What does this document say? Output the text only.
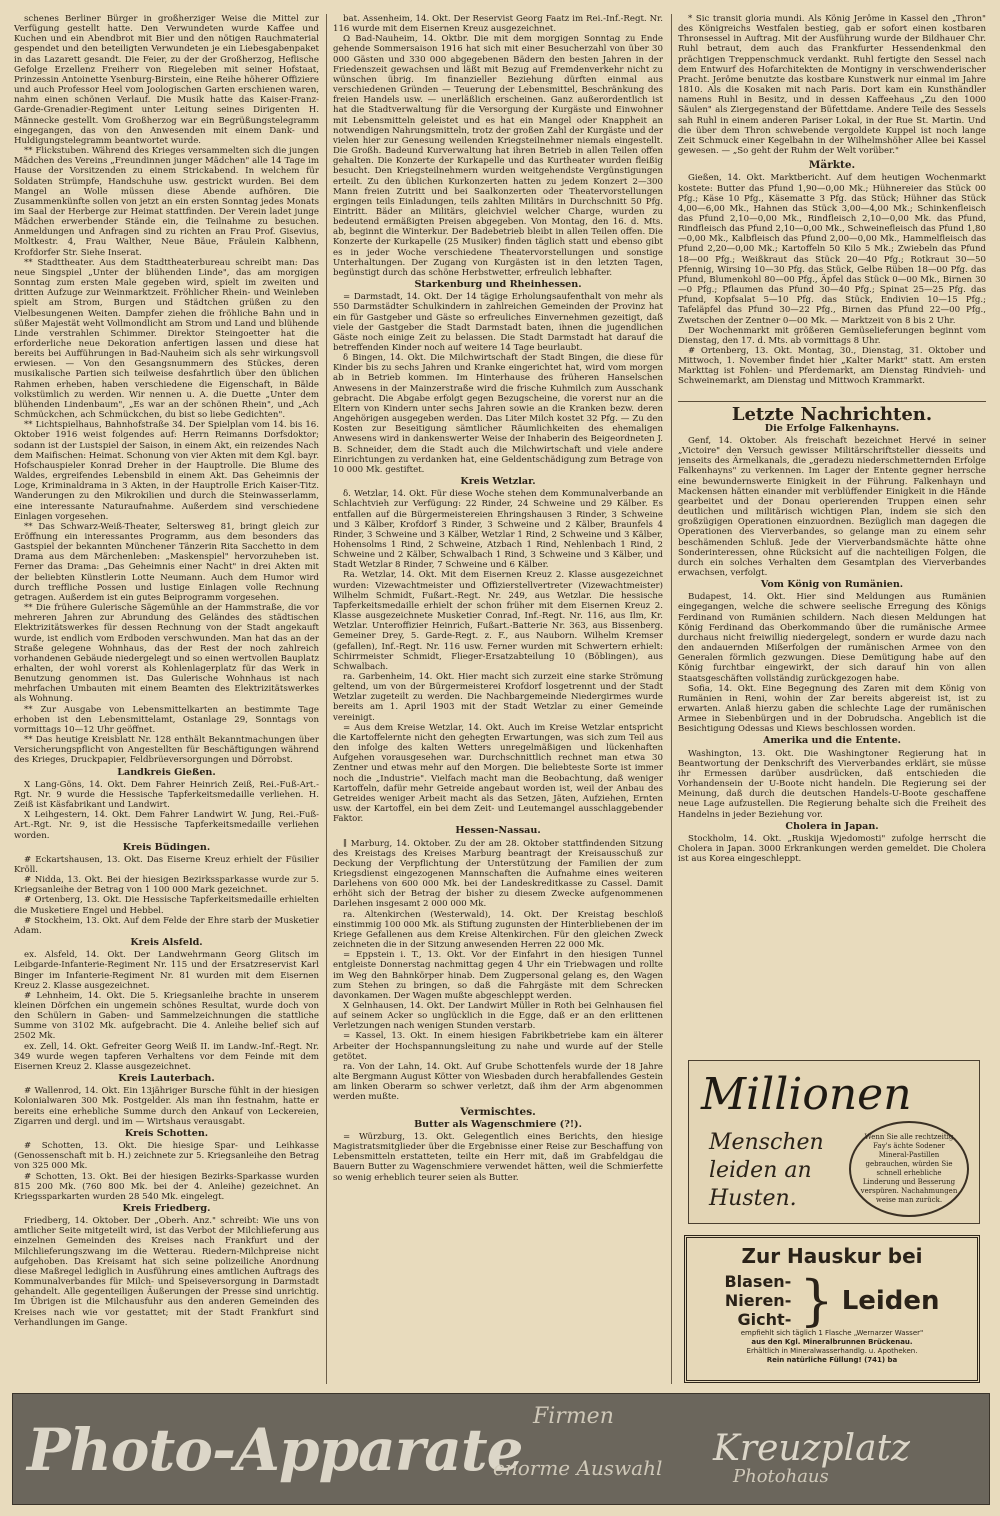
schenes Berliner Bürger in großherziger Weise die Mittel zur Verfügung gestellt hatte. Den Verwundeten wurde Kaffee und Kuchen und ein Abendbrot mit Bier und den nötigen Rauchmaterial gespendet und den beteiligten Verwundeten je ein Liebesgabenpaket in das Lazarett gesandt. Die Feier, zu der der Großherzog, Heflische Gefolge Erzellenz Freiherr von Riegeleben mit seiner Hofstaat, Prinzessin Antoinette Ysenburg-Birstein, eine Reihe höherer Offiziere und auch Professor Heel vom Joologischen Garten erschienen waren, nahm einen schönen Verlauf. Die Musik hatte das Kaiser-Franz-Garde-Grenadier-Regiment unter Leitung seines Dirigenten H. Männecke gestellt. Vom Großherzog war ein Begrüßungstelegramm eingegangen, das von den Anwesenden mit einem Dank- und Huldigungstelegramm beantwortet wurde.

** Flickstuben. Während des Krieges versammelten sich die jungen Mädchen des Vereins „Freundinnen junger Mädchen" alle 14 Tage im Hause der Vorsitzenden zu einem Strickabend. In welchem für Soldaten Strümpfe, Handschuhe usw. gestrickt wurden. Bei dem Mangel an Wolle müssen diese Abende aufhören. Die Zusammenkünfte sollen von jetzt an ein ersten Sonntag jedes Monats im Saal der Herberge zur Heimat stattfinden. Der Verein ladet junge Mädchen erwerbender Stände ein, die Teilnahme zu besuchen. Anmeldungen und Anfragen sind zu richten an Frau Prof. Gisevius, Moltkestr. 4, Frau Walther, Neue Bäue, Fräulein Kalbhenn, Krofdorfer Str. Siehe Inserat.

** Stadttheater. Aus dem Stadttheaterbureau schreibt man: Das neue Singspiel „Unter der blühenden Linde", das am morgigen Sonntag zum ersten Male gegeben wird, spielt im zweiten und dritten Aufzuge zur Weinmarktzeit. Fröhlicher Rhein- und Weinleben spielt am Strom, Burgen und Städtchen grüßen zu den Vielbesungenen Weiten. Dampfer ziehen die fröhliche Bahn und in süßer Majestät weht Vollmondlicht am Strom und Land und blühende Linde verstrahlen Schimmer. Direktor Steingoetter hat die erforderliche neue Dekoration anfertigen lassen und diese hat bereits bei Aufführungen in Bad-Nauheim sich als sehr wirkungsvoll erwiesen. — Von den Gesangsnummern des Stückes, deren musikalische Partien sich teilweise desfahrtlich über den üblichen Rahmen erheben, haben verschiedene die Eigenschaft, in Bälde volkstümlich zu werden. Wir nennen u. A. die Duette „Unter dem blühenden Lindenbaum", „Es war an der schönen Rhein", und „Ach Schmückchen, ach Schmückchen, du bist so liebe Gedichten".

** Lichtspielhaus, Bahnhofstraße 34. Der Spielplan vom 14. bis 16. Oktober 1916 weist folgendes auf: Herrn Reimanns Dorfsdoktor; sodann ist der Lustspiel der Saison, in einem Akt, ein reizendes Nach dem Maifischen: Heimat. Schonung von vier Akten mit dem Kgl. bayr. Hofschauspieler Konrad Dreher in der Hauptrolle. Die Blume des Waldes, ergreifendes Lebensbild in einem Akt. Das Geheimnis der Loge, Kriminaldrama in 3 Akten, in der Hauptrolle Erich Kaiser-Titz. Wanderungen zu den Mikrokilien und durch die Steinwasserlamm, eine interessante Naturaufnahme. Außerdem sind verschiedene Einlagen vorgesehen.

** Das Schwarz-Weiß-Theater, Seltersweg 81, bringt gleich zur Eröffnung ein interessantes Programm, aus dem besonders das Gastspiel der bekannten Münchener Tänzerin Rita Sacchetto in dem Drama aus dem Märchenleben: „Maskenspiel" hervorzuheben ist. Ferner das Drama: „Das Geheimnis einer Nacht" in drei Akten mit der beliebten Künstlerin Lotte Neumann. Auch dem Humor wird durch treffliche Possen und lustige Einlagen volle Rechnung getragen. Außerdem ist ein gutes Beiprogramm vorgesehen.

** Die frühere Gulerische Sägemühle an der Hammstraße, die vor mehreren Jahren zur Abrundung des Geländes des städtischen Elektrizitätswerkes für dessen Rechnung von der Stadt angekauft wurde, ist endlich vom Erdboden verschwunden. Man hat das an der Straße gelegene Wohnhaus, das der Rest der noch zahlreich vorhandenen Gebäude niedergelegt und so einen wertvollen Bauplatz erhalten, der wohl vorerst als Kohlenlagerplatz für das Werk in Benutzung genommen ist. Das Gulerische Wohnhaus ist nach mehrfachen Umbauten mit einem Beamten des Elektrizitätswerkes als Wohnung.

** Zur Ausgabe von Lebensmittelkarten an bestimmte Tage erhoben ist den Lebensmittelamt, Ostanlage 29, Sonntags von vormittags 10—12 Uhr geöffnet.

** Das heutige Kreisblatt Nr. 128 enthält Bekanntmachungen über Versicherungspflicht von Angestellten für Beschäftigungen während des Krieges, Druckpapier, Feldbrüeversorgungen und Dörrobst.

Landkreis Gießen.

X Lang-Göns, 14. Okt. Dem Fahrer Heinrich Zeiß, Rei.-Fuß-Art.-Rgt. Nr. 9 wurde die Hessische Tapferkeitsmedaille verliehen. H. Zeiß ist Käsfabrikant und Landwirt.

X Leihgestern, 14. Okt. Dem Fahrer Landwirt W. Jung, Rei.-Fuß-Art.-Rgt. Nr. 9, ist die Hessische Tapferkeitsmedaille verliehen worden.

Kreis Büdingen.

# Eckartshausen, 13. Okt. Das Eiserne Kreuz erhielt der Füsilier Kröll.

# Nidda, 13. Okt. Bei der hiesigen Bezirkssparkasse wurde zur 5. Kriegsanleihe der Betrag von 1 100 000 Mark gezeichnet.

# Ortenberg, 13. Okt. Die Hessische Tapferkeitsmedaille erhielten die Musketiere Engel und Hebbel.

# Stockheim, 13. Okt. Auf dem Felde der Ehre starb der Musketier Adam.

Kreis Alsfeld.

ex. Alsfeld, 14. Okt. Der Landwehrmann Georg Glitsch im Leibgarde-Infanterie-Regiment Nr. 115 und der Ersatzreservist Karl Binger im Infanterie-Regiment Nr. 81 wurden mit dem Eisernen Kreuz 2. Klasse ausgezeichnet.

# Lehnheim, 14. Okt. Die 5. Kriegsanleihe brachte in unserem kleinen Dörfchen ein ungemein schönes Resultat, wurde doch von den Schülern in Gaben- und Sammelzeichnungen die stattliche Summe von 3102 Mk. aufgebracht. Die 4. Anleihe belief sich auf 2502 Mk.

ex. Zell, 14. Okt. Gefreiter Georg Weiß II. im Landw.-Inf.-Regt. Nr. 349 wurde wegen tapferen Verhaltens vor dem Feinde mit dem Eisernen Kreuz 2. Klasse ausgezeichnet.

Kreis Lauterbach.

# Wallenrod, 14. Okt. Ein 13jähriger Bursche fühlt in der hiesigen Kolonialwaren 300 Mk. Postgelder. Als man ihn festnahm, hatte er bereits eine erhebliche Summe durch den Ankauf von Leckereien, Zigarren und dergl. und im — Wirtshaus verausgabt.

Kreis Schotten.

# Schotten, 13. Okt. Die hiesige Spar- und Leihkasse (Genossenschaft mit b. H.) zeichnete zur 5. Kriegsanleihe den Betrag von 325 000 Mk.

# Schotten, 13. Okt. Bei der hiesigen Bezirks-Sparkasse wurden 815 200 Mk. (760 800 Mk. bei der 4. Anleihe) gezeichnet. An Kriegssparkarten wurden 28 540 Mk. eingelegt.

Kreis Friedberg.

Friedberg, 14. Oktober. Der „Oberh. Anz." schreibt: Wie uns von amtlicher Seite mitgeteilt wird, ist das Verbot der Milchlieferung aus einzelnen Gemeinden des Kreises nach Frankfurt und der Milchlieferungszwang im die Wetterau. Riedern-Milchpreise nicht aufgehoben. Das Kreisamt hat sich seine polizeiliche Anordnung diese Maßregel lediglich in Ausführung eines amtlichen Auftrags des Kommunalverbandes für Milch- und Speiseversorgung in Darmstadt gehandelt. Alle gegenteiligen Äußerungen der Presse sind unrichtig. Im Übrigen ist die Milchausfuhr aus den anderen Gemeinden des Kreises nach wie vor gestattet; mit der Stadt Frankfurt sind Verhandlungen im Gange.

bat. Assenheim, 14. Okt. Der Reservist Georg Faatz im Rei.-Inf.-Regt. Nr. 116 wurde mit dem Eisernen Kreuz ausgezeichnet.

Ω Bad-Nauheim, 14. Oktbr. Die mit dem morgigen Sonntag zu Ende gehende Sommersaison 1916 hat sich mit einer Besucherzahl von über 30 000 Gästen und 330 000 abgegebenen Bädern den besten Jahren in der Friedenszeit gewachsen und läßt mit Bezug auf Fremdenverkehr nicht zu wünschen übrig. Im finanzieller Beziehung dürften einmal aus verschiedenen Gründen — Teuerung der Lebensmittel, Beschränkung des freien Handels usw. — unerläßlich erscheinen. Ganz außerordentlich ist hat die Stadtverwaltung für die Versorgung der Kurgäste und Einwohner mit Lebensmitteln geleistet und es hat ein Mangel oder Knappheit an notwendigen Nahrungsmitteln, trotz der großen Zahl der Kurgäste und der vielen hier zur Genesung weilenden Kriegsteilnehmer niemals eingestellt. Die Großh. Badeund Kurverwaltung hat ihren Betrieb in allen Teilen offen gehalten. Die Konzerte der Kurkapelle und das Kurtheater wurden fleißig besucht. Den Kriegsteilnehmern wurden weitgehendste Vergünstigungen erteilt. Zu den üblichen Kurkonzerten hatten zu jedem Konzert 2—300 Mann freien Zutritt und bei Saalkonzerten oder Theatervorstellungen ergingen teils Einladungen, teils zahlten Militärs in Durchschnitt 50 Pfg. Eintritt. Bäder an Militärs, gleichviel welcher Charge, wurden zu bedeutend ermäßigten Preisen abgegeben. Von Montag, den 16. d. Mts. ab, beginnt die Winterkur. Der Badebetrieb bleibt in allen Teilen offen. Die Konzerte der Kurkapelle (25 Musiker) finden täglich statt und ebenso gibt es in jeder Woche verschiedene Theatervorstellungen und sonstige Unterhaltungen. Der Zugang von Kurgästen ist in den letzten Tagen, begünstigt durch das schöne Herbstwetter, erfreulich lebhafter.

Starkenburg und Rheinhessen.

= Darmstadt, 14. Okt. Der 14 tägige Erholungsaufenthalt von mehr als 550 Darmstädter Schulkindern in zahlreichen Gemeinden der Provinz hat ein für Gastgeber und Gäste so erfreuliches Einvernehmen gezeitigt, daß viele der Gastgeber die Stadt Darmstadt baten, ihnen die jugendlichen Gäste noch einige Zeit zu belassen. Die Stadt Darmstadt hat darauf die betreffenden Kinder noch auf weitere 14 Tage beurlaubt.

δ Bingen, 14. Okt. Die Milchwirtschaft der Stadt Bingen, die diese für Kinder bis zu sechs Jahren und Kranke eingerichtet hat, wird vom morgen ab in Betrieb kommen. Im Hinterhause des früheren Hanselschen Anwesens in der Mainzerstraße wird die frische Kuhmilch zum Ausschank gebracht. Die Abgabe erfolgt gegen Bezugscheine, die vorerst nur an die Eltern von Kindern unter sechs Jahren sowie an die Kranken bezw. deren Angehörigen ausgegeben werden. Das Liter Milch kostet 32 Pfg. — Zu den Kosten zur Beseitigung sämtlicher Räumlichkeiten des ehemaligen Anwesens wird in dankenswerter Weise der Inhaberin des Beigeordneten J. B. Schneider, dem die Stadt auch die Milchwirtschaft und viele andere Einrichtungen zu verdanken hat, eine Geldentschädigung zum Betrage von 10 000 Mk. gestiftet.

Kreis Wetzlar.

δ. Wetzlar, 14. Okt. Für diese Woche stehen dem Kommunalverbande an Schlachtvieh zur Verfügung: 22 Rinder, 24 Schweine und 29 Kälber. Es entfallen auf die Bürgermeistereien Ehringshausen 3 Rinder, 3 Schweine und 3 Kälber, Krofdorf 3 Rinder, 3 Schweine und 2 Kälber, Braunfels 4 Rinder, 3 Schweine und 3 Kälber, Wetzlar 1 Rind, 2 Schweine und 3 Kälber, Hohensolms 1 Rind, 2 Schweine, Atzbach 1 Rind, Nehlenbach 1 Rind, 2 Schweine und 2 Kälber, Schwalbach 1 Rind, 3 Schweine und 3 Kälber, und Stadt Wetzlar 8 Rinder, 7 Schweine und 6 Kälber.

Ra. Wetzlar, 14. Okt. Mit dem Eisernen Kreuz 2. Klasse ausgezeichnet wurden: Vizewachtmeister und Offizierstellvertreter (Vizewachtmeister) Wilhelm Schmidt, Fußart.-Regt. Nr. 249, aus Wetzlar. Die hessische Tapferkeitsmedaille erhielt der schon früher mit dem Eisernen Kreuz 2. Klasse ausgezeichnete Musketier Conrad, Inf.-Regt. Nr. 116, aus Ilm, Kr. Wetzlar. Unteroffizier Heinrich, Fußart.-Batterie Nr. 363, aus Bissenberg. Gemeiner Drey, 5. Garde-Regt. z. F., aus Nauborn. Wilhelm Kremser (gefallen), Inf.-Regt. Nr. 116 usw. Ferner wurden mit Schwertern erhielt: Schirrmeister Schmidt, Flieger-Ersatzabteilung 10 (Böblingen), aus Schwalbach.

ra. Garbenheim, 14. Okt. Hier macht sich zurzeit eine starke Strömung geltend, um von der Bürgermeisterei Krofdorf losgetrennt und der Stadt Wetzlar zugeteilt zu werden. Die Nachbargemeinde Niedergirmes wurde bereits am 1. April 1903 mit der Stadt Wetzlar zu einer Gemeinde vereinigt.

= Aus dem Kreise Wetzlar, 14. Okt. Auch im Kreise Wetzlar entspricht die Kartoffelernte nicht den gehegten Erwartungen, was sich zum Teil aus den infolge des kalten Wetters unregelmäßigen und lückenhaften Aufgehen vorausgesehen war. Durchschnittlich rechnet man etwa 30 Zentner und etwas mehr auf den Morgen. Die beliebteste Sorte ist immer noch die „Industrie". Vielfach macht man die Beobachtung, daß weniger Kartoffeln, dafür mehr Getreide angebaut worden ist, weil der Anbau des Getreides weniger Arbeit macht als das Setzen, Jäten, Aufziehen, Ernten usw. der Kartoffel, ein bei dem Zeit- und Leutemangel ausschlaggebender Faktor.

Hessen-Nassau.

∥ Marburg, 14. Oktober. Zu der am 28. Oktober stattfindenden Sitzung des Kreistags des Kreises Marburg beantragt der Kreisausschuß zur Deckung der Verpflichtung der Unterstützung der Familien der zum Kriegsdienst eingezogenen Mannschaften die Aufnahme eines weiteren Darlehens von 600 000 Mk. bei der Landeskreditkasse zu Cassel. Damit erhöht sich der Betrag der bisher zu diesem Zwecke aufgenommenen Darlehen insgesamt 2 000 000 Mk.

ra. Altenkirchen (Westerwald), 14. Okt. Der Kreistag beschloß einstimmig 100 000 Mk. als Stiftung zugunsten der Hinterbliebenen der im Kriege Gefallenen aus dem Kreise Altenkirchen. Für den gleichen Zweck zeichneten die in der Sitzung anwesenden Herren 22 000 Mk.

= Eppstein i. T., 13. Okt. Vor der Einfahrt in den hiesigen Tunnel entgleiste Donnerstag nachmittag gegen 4 Uhr ein Triebwagen und rollte im Weg den Bahnkörper hinab. Dem Zugpersonal gelang es, den Wagen zum Stehen zu bringen, so daß die Fahrgäste mit dem Schrecken davonkamen. Der Wagen mußte abgeschleppt werden.

X Gelnhausen, 14. Okt. Der Landwirt Müller in Roth bei Gelnhausen fiel auf seinem Acker so unglücklich in die Egge, daß er an den erlittenen Verletzungen nach wenigen Stunden verstarb.

= Kassel, 13. Okt. In einem hiesigen Fabrikbetriebe kam ein älterer Arbeiter der Hochspannungsleitung zu nahe und wurde auf der Stelle getötet.

ra. Von der Lahn, 14. Okt. Auf Grube Schottenfels wurde der 18 Jahre alte Bergmann August Kötter von Wiesbaden durch herabfallendes Gestein am linken Oberarm so schwer verletzt, daß ihm der Arm abgenommen werden mußte.

Vermischtes.

Butter als Wagenschmiere (?!).

= Würzburg, 13. Okt. Gelegentlich eines Berichts, den hiesige Magistratsmitglieder über die Ergebnisse einer Reise zur Beschaffung von Lebensmitteln erstatteten, teilte ein Herr mit, daß im Grabfeldgau die Bauern Butter zu Wagenschmiere verwendet hätten, weil die Schmierfette so wenig erheblich teurer seien als Butter.

* Sic transit gloria mundi. Als König Jerôme in Kassel den „Thron" des Königreichs Westfalen bestieg, gab er sofort einen kostbaren Thronsessel in Auftrag. Mit der Ausführung wurde der Bildhauer Chr. Ruhl betraut, dem auch das Frankfurter Hessendenkmal den prächtigen Treppenschmuck verdankt. Ruhl fertigte den Sessel nach dem Entwurf des Hofarchitekten de Montigny in verschwenderischer Pracht. Jerôme benutzte das kostbare Kunstwerk nur einmal im Jahre 1810. Als die Kosaken mit nach Paris. Dort kam ein Kunsthändler namens Ruhl in Besitz, und in dessen Kaffeehaus „Zu den 1000 Säulen" als Ziergegenstand der Büfettdame. Andere Teile des Sessels sah Ruhl in einem anderen Pariser Lokal, in der Rue St. Martin. Und die über dem Thron schwebende vergoldete Kuppel ist noch lange Zeit Schmuck einer Kegelbahn in der Wilhelmshöher Allee bei Kassel gewesen. — „So geht der Ruhm der Welt vorüber."

Märkte.

Gießen, 14. Okt. Marktbericht. Auf dem heutigen Wochenmarkt kostete: Butter das Pfund 1,90—0,00 Mk.; Hühnereier das Stück 00 Pfg.; Käse 10 Pfg., Käsematte 3 Pfg. das Stück; Hühner das Stück 4,00—6,00 Mk., Hahnen das Stück 3,00—4,00 Mk.; Schinkenfleisch das Pfund 2,10—0,00 Mk., Rindfleisch 2,10—0,00 Mk. das Pfund, Rindfleisch das Pfund 2,10—0,00 Mk., Schweinefleisch das Pfund 1,80—0,00 Mk., Kalbfleisch das Pfund 2,00—0,00 Mk., Hammelfleisch das Pfund 2,20—0,00 Mk.; Kartoffeln 50 Kilo 5 Mk.; Zwiebeln das Pfund 18—00 Pfg.; Weißkraut das Stück 20—40 Pfg.; Rotkraut 30—50 Pfennig, Wirsing 10—30 Pfg. das Stück, Gelbe Rüben 18—00 Pfg. das Pfund, Blumenkohl 80—00 Pfg., Äpfel das Stück 0—00 Mk., Birnen 30—0 Pfg.; Pflaumen das Pfund 30—40 Pfg.; Spinat 25—25 Pfg. das Pfund, Kopfsalat 5—10 Pfg. das Stück, Endivien 10—15 Pfg.; Tafeläpfel das Pfund 30—22 Pfg., Birnen das Pfund 22—00 Pfg., Zwetschen der Zentner 0—00 Mk. — Marktzeit von 8 bis 2 Uhr.

Der Wochenmarkt mit größeren Gemüselieferungen beginnt vom Dienstag, den 17. d. Mts. ab vormittags 8 Uhr.

# Ortenberg, 13. Okt. Montag, 30., Dienstag, 31. Oktober und Mittwoch, 1. November findet hier „Kalter Markt" statt. Am ersten Markttag ist Fohlen- und Pferdemarkt, am Dienstag Rindvieh- und Schweinemarkt, am Dienstag und Mittwoch Krammarkt.

Letzte Nachrichten.

Die Erfolge Falkenhayns.

Genf, 14. Oktober. Als freischaft bezeichnet Hervé in seiner „Victoire" den Versuch gewisser Militärschriftsteller diesseits und jenseits des Ärmelkanals, die „geradezu niederschmetternden Erfolge Falkenhayns" zu verkennen. Im Lager der Entente gegner herrsche eine bewundernswerte Einigkeit in der Führung. Falkenhayn und Mackensen hätten einander mit verblüffender Einigkeit in die Hände gearbeitet und der Donau operierenden Truppen einen sehr deutlichen und militärisch wichtigen Plan, indem sie sich den großzügigen Operationen einzuordnen. Bezüglich man dagegen die Operationen des Vierverbandes, so gelange man zu einem sehr beschämenden Schluß. Jede der Vierverbandsmächte hätte ohne Sonderinteressen, ohne Rücksicht auf die nachteiligen Folgen, die durch ein solches Verhalten dem Gesamtplan des Vierverbandes erwachsen, verfolgt.

Vom König von Rumänien.

Budapest, 14. Okt. Hier sind Meldungen aus Rumänien eingegangen, welche die schwere seelische Erregung des Königs Ferdinand von Rumänien schildern. Nach diesen Meldungen hat König Ferdinand das Oberkommando über die rumänische Armee durchaus nicht freiwillig niedergelegt, sondern er wurde dazu nach den andauernden Mißerfolgen der rumänischen Armee von den Generalen förmlich gezwungen. Diese Demütigung habe auf den König furchtbar eingewirkt, der sich darauf hin von allen Staatsgeschäften vollständig zurückgezogen habe.

Sofia, 14. Okt. Eine Begegnung des Zaren mit dem König von Rumänien in Reni, wohin der Zar bereits abgereist ist, ist zu erwarten. Anlaß hierzu gaben die schlechte Lage der rumänischen Armee in Siebenbürgen und in der Dobrudscha. Angeblich ist die Besichtigung Odessas und Kiews beschlossen worden.

Amerika und die Entente.

Washington, 13. Okt. Die Washingtoner Regierung hat in Beantwortung der Denkschrift des Vierverbandes erklärt, sie müsse ihr Ermessen darüber ausdrücken, daß entschieden die Vorhandensein der U-Boote nicht handeln. Die Regierung sei der Meinung, daß durch die deutschen Handels-U-Boote geschaffene neue Lage aufzustellen. Die Regierung behalte sich die Freiheit des Handelns in jeder Beziehung vor.

Cholera in Japan.

Stockholm, 14. Okt. „Ruskija Wjedomosti" zufolge herrscht die Cholera in Japan. 3000 Erkrankungen werden gemeldet. Die Cholera ist aus Korea eingeschleppt.

Millionen
Menschen
leiden an
Husten.
Wenn Sie alle rechtzeitig Fay's ächte Sodener Mineral-Pastillen gebrauchen, würden Sie schnell erhebliche Linderung und Besserung verspüren. Nachahmungen weise man zurück.
Zur Hauskur bei
Blasen-
Nieren-
Gicht- } Leiden
empfiehlt sich täglich 1 Flasche „Wernarzer Wasser"
aus den Kgl. Mineralbrunnen Brückenau.
Erhältlich in Mineralwasserhandlg. u. Apotheken.
Rein natürliche Füllung! (741) ba
Photo-Apparate Firmen
Kreuzplatz
enorme Auswahl	Photohaus
